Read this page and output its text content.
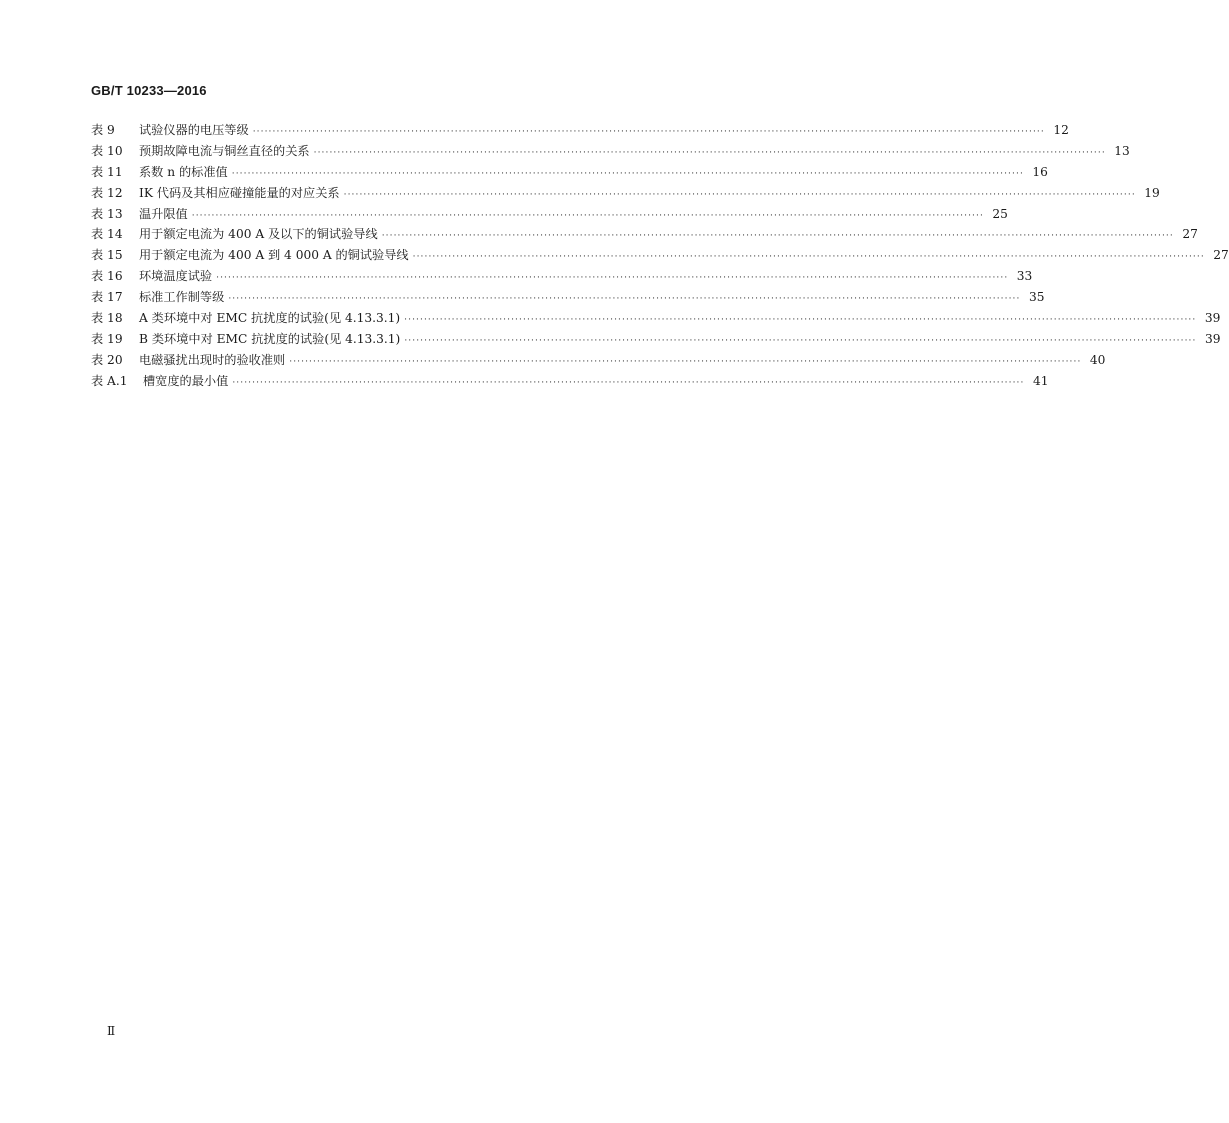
GB/T 10233—2016
表 9	试验仪器的电压等级 ········································································································································································································ 12
表 10	预期故障电流与铜丝直径的关系 ········································································································································································································ 13
表 11	系数 n 的标准值 ········································································································································································································ 16
表 12	IK 代码及其相应碰撞能量的对应关系 ········································································································································································································ 19
表 13	温升限值 ········································································································································································································ 25
表 14	用于额定电流为 400 A 及以下的铜试验导线 ········································································································································································································ 27
表 15	用于额定电流为 400 A 到 4 000 A 的铜试验导线 ········································································································································································································ 27
表 16	环境温度试验 ········································································································································································································ 33
表 17	标准工作制等级 ········································································································································································································ 35
表 18	A 类环境中对 EMC 抗扰度的试验(见 4.13.3.1) ········································································································································································································ 39
表 19	B 类环境中对 EMC 抗扰度的试验(见 4.13.3.1) ········································································································································································································ 39
表 20	电磁骚扰出现时的验收准则 ········································································································································································································ 40
表 A.1	槽宽度的最小值 ········································································································································································································ 41
Ⅱ
